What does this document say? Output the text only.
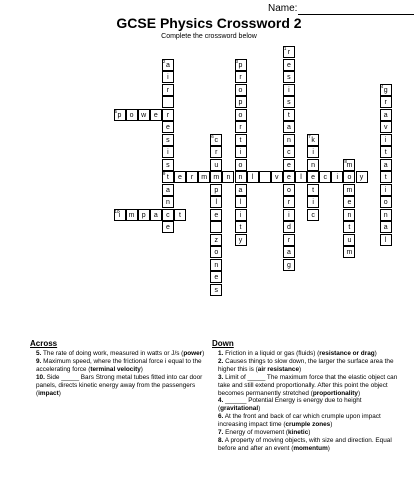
Name:
GCSE Physics Crossword 2
Complete the crossword below
1
r
e
s
i
s
t
a
n
c
e
2
a
i
r
r
e
s
i
s
9
t
a
n
c
3
p
r
o
p
o
r
t
i
o
n
a
l
i
t
y
4
g
r
a
v
i
t
a
t
i
o
n
a
l
5
p	o	w	e
6
c
r
u
m
p
l
e
z
o
n
e
7
k
i
n
e
t
i
c
8
m
o
m
e
n
t
u
m
e	r	m	n	l	v	e	l	c	i
10
i	m	p	a	t
e
s
y
o
r
i
d
r
a
g
Across
5. The rate of doing work, measured in watts or J/s (power)
9. Maximum speed, where the frictional force i equal to the accelerating force (terminal velocity)
10. Side _____ Bars Strong metal tubes fitted into car door panels, directs kinetic energy away from the passengers (impact)
Down
1. Friction in a liquid or gas (fluids) (resistance or drag)
2. Causes things to slow down, the larger the surface area the higher this is (air resistance)
3. Limit of _____ The maximum force that the elastic object can take and still extend proportionally. After this point the object becomes permanently stretched (proportionality)
4. ______ Potential Energy is energy due to height (gravitational)
6. At the front and back of car which crumple upon impact increasing impact time (crumple zones)
7. Energy of movement (kinetic)
8. A property of moving objects, with size and direction. Equal before and after an event (momentum)
